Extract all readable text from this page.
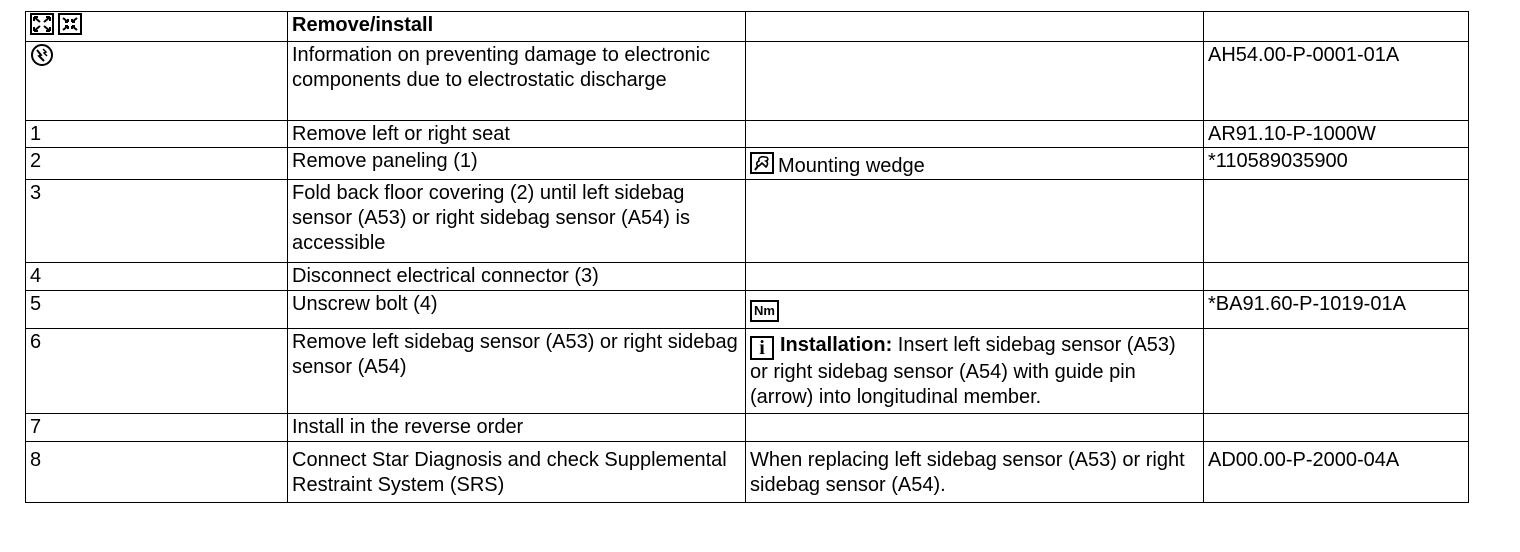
	Remove/install		
	Information on preventing damage to electronic components due to electrostatic discharge		AH54.00-P-0001-01A
1	Remove left or right seat		AR91.10-P-1000W
2	Remove paneling (1)	Mounting wedge	*110589035900
3	Fold back floor covering (2) until left sidebag sensor (A53) or right sidebag sensor (A54) is accessible		
4	Disconnect electrical connector (3)		
5	Unscrew bolt (4)	Nm	*BA91.60-P-1019-01A
6	Remove left sidebag sensor (A53) or right sidebag sensor (A54)	i Installation: Insert left sidebag sensor (A53) or right sidebag sensor (A54) with guide pin (arrow) into longitudinal member.	
7	Install in the reverse order		
8	Connect Star Diagnosis and check Supplemental Restraint System (SRS)	When replacing left sidebag sensor (A53) or right sidebag sensor (A54).	AD00.00-P-2000-04A
